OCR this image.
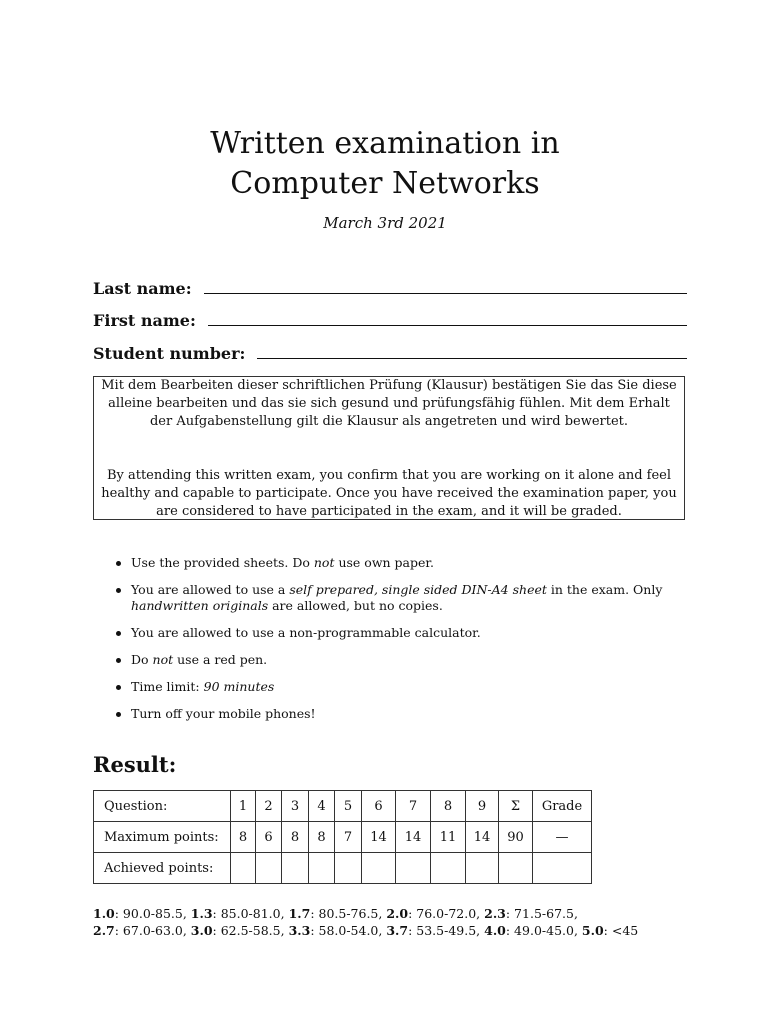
Written examination in
Computer Networks
March 3rd 2021
Last name:
First name:
Student number:

Mit dem Bearbeiten dieser schriftlichen Prüfung (Klausur) bestätigen Sie das Sie diese alleine bearbeiten und das sie sich gesund und prüfungsfähig fühlen. Mit dem Erhalt der Aufgabenstellung gilt die Klausur als angetreten und wird bewertet.

By attending this written exam, you confirm that you are working on it alone and feel healthy and capable to participate. Once you have received the examination paper, you are considered to have participated in the exam, and it will be graded.

Use the provided sheets. Do not use own paper.
You are allowed to use a self prepared, single sided DIN-A4 sheet in the exam. Only handwritten originals are allowed, but no copies.
You are allowed to use a non-programmable calculator.
Do not use a red pen.
Time limit: 90 minutes
Turn off your mobile phones!
Result:
Question:	1	2	3	4	5	6	7	8	9	Σ	Grade
Maximum points:	8	6	8	8	7	14	14	11	14	90	—
Achieved points:											
1.0: 90.0-85.5, 1.3: 85.0-81.0, 1.7: 80.5-76.5, 2.0: 76.0-72.0, 2.3: 71.5-67.5,
2.7: 67.0-63.0, 3.0: 62.5-58.5, 3.3: 58.0-54.0, 3.7: 53.5-49.5, 4.0: 49.0-45.0, 5.0: <45
